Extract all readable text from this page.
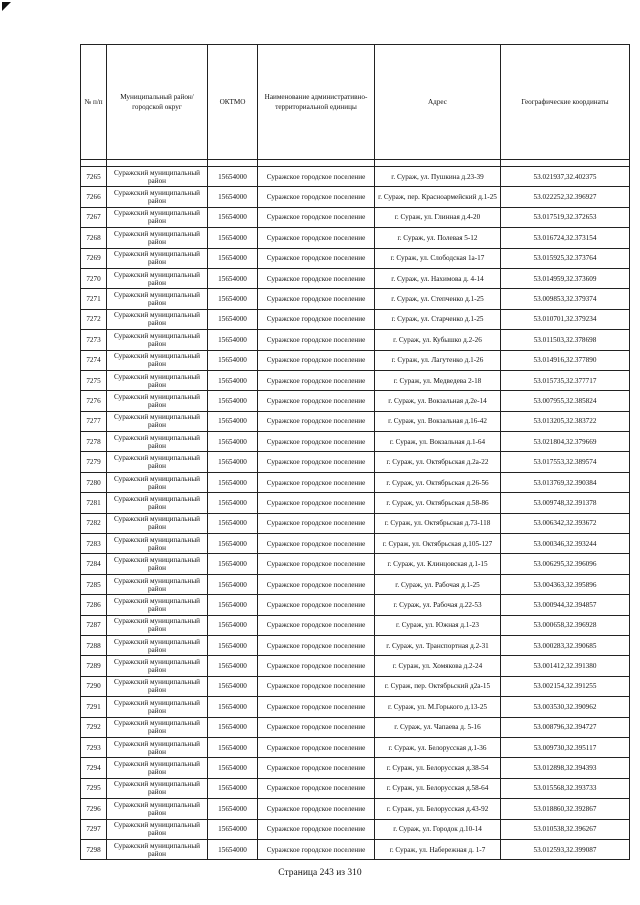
№ п/п	Муниципальный район/городской округ	ОКТМО	Наименование административно-территориальной единицы	Адрес	Географические координаты

7265	Суражский муниципальный район	15654000	Суражское городское поселение	г. Сураж, ул. Пушкина д.23-39	53.021937,32.402375
7266	Суражский муниципальный район	15654000	Суражское городское поселение	г. Сураж, пер. Красноармейский д.1-25	53.022252,32.396927
7267	Суражский муниципальный район	15654000	Суражское городское поселение	г. Сураж, ул. Глинная д.4-20	53.017519,32.372653
7268	Суражский муниципальный район	15654000	Суражское городское поселение	г. Сураж, ул. Полевая 5-12	53.016724,32.373154
7269	Суражский муниципальный район	15654000	Суражское городское поселение	г. Сураж, ул. Слободская 1а-17	53.015925,32.373764
7270	Суражский муниципальный район	15654000	Суражское городское поселение	г. Сураж, ул. Нахимова д. 4-14	53.014959,32.373609
7271	Суражский муниципальный район	15654000	Суражское городское поселение	г. Сураж, ул. Степченко д.1-25	53.009853,32.379374
7272	Суражский муниципальный район	15654000	Суражское городское поселение	г. Сураж, ул. Старченко д.1-25	53.010701,32.379234
7273	Суражский муниципальный район	15654000	Суражское городское поселение	г. Сураж, ул. Кубышко д.2-26	53.011503,32.378698
7274	Суражский муниципальный район	15654000	Суражское городское поселение	г. Сураж, ул. Лагутенко д.1-26	53.014916,32.377890
7275	Суражский муниципальный район	15654000	Суражское городское поселение	г. Сураж, ул. Медведева 2-18	53.015735,32.377717
7276	Суражский муниципальный район	15654000	Суражское городское поселение	г. Сураж, ул. Вокзальная д.2е-14	53.007955,32.385824
7277	Суражский муниципальный район	15654000	Суражское городское поселение	г. Сураж, ул. Вокзальная д.16-42	53.013205,32.383722
7278	Суражский муниципальный район	15654000	Суражское городское поселение	г. Сураж, ул. Вокзальная д.1-64	53.021804,32.379669
7279	Суражский муниципальный район	15654000	Суражское городское поселение	г. Сураж, ул. Октябрьская д.2а-22	53.017553,32.389574
7280	Суражский муниципальный район	15654000	Суражское городское поселение	г. Сураж, ул. Октябрьская д.26-56	53.013769,32.390384
7281	Суражский муниципальный район	15654000	Суражское городское поселение	г. Сураж, ул. Октябрьская д.58-86	53.009748,32.391378
7282	Суражский муниципальный район	15654000	Суражское городское поселение	г. Сураж, ул. Октябрьская д.73-118	53.006342,32.393672
7283	Суражский муниципальный район	15654000	Суражское городское поселение	г. Сураж, ул. Октябрьская д.105-127	53.000346,32.393244
7284	Суражский муниципальный район	15654000	Суражское городское поселение	г. Сураж, ул. Клинцовская д.1-15	53.006295,32.396096
7285	Суражский муниципальный район	15654000	Суражское городское поселение	г. Сураж, ул. Рабочая д.1-25	53.004363,32.395896
7286	Суражский муниципальный район	15654000	Суражское городское поселение	г. Сураж, ул. Рабочая д.22-53	53.000944,32.394857
7287	Суражский муниципальный район	15654000	Суражское городское поселение	г. Сураж, ул. Южная д.1-23	53.000658,32.396928
7288	Суражский муниципальный район	15654000	Суражское городское поселение	г. Сураж, ул. Транспортная д.2-31	53.000283,32.390685
7289	Суражский муниципальный район	15654000	Суражское городское поселение	г. Сураж, ул. Хомякова д.2-24	53.001412,32.391380
7290	Суражский муниципальный район	15654000	Суражское городское поселение	г. Сураж, пер. Октябрьский д2а-15	53.002154,32.391255
7291	Суражский муниципальный район	15654000	Суражское городское поселение	г. Сураж, ул. М.Горького д.13-25	53.003530,32.390962
7292	Суражский муниципальный район	15654000	Суражское городское поселение	г. Сураж, ул. Чапаева д. 5-16	53.008796,32.394727
7293	Суражский муниципальный район	15654000	Суражское городское поселение	г. Сураж, ул. Белорусская д.1-36	53.009730,32.395117
7294	Суражский муниципальный район	15654000	Суражское городское поселение	г. Сураж, ул. Белорусская д.38-54	53.012898,32.394393
7295	Суражский муниципальный район	15654000	Суражское городское поселение	г. Сураж, ул. Белорусская д.58-64	53.015568,32.393733
7296	Суражский муниципальный район	15654000	Суражское городское поселение	г. Сураж, ул. Белорусская д.43-92	53.018860,32.392867
7297	Суражский муниципальный район	15654000	Суражское городское поселение	г. Сураж, ул. Городок д.10-14	53.010538,32.396267
7298	Суражский муниципальный район	15654000	Суражское городское поселение	г. Сураж, ул. Набережная д. 1-7	53.012593,32.399087
Страница 243 из 310
